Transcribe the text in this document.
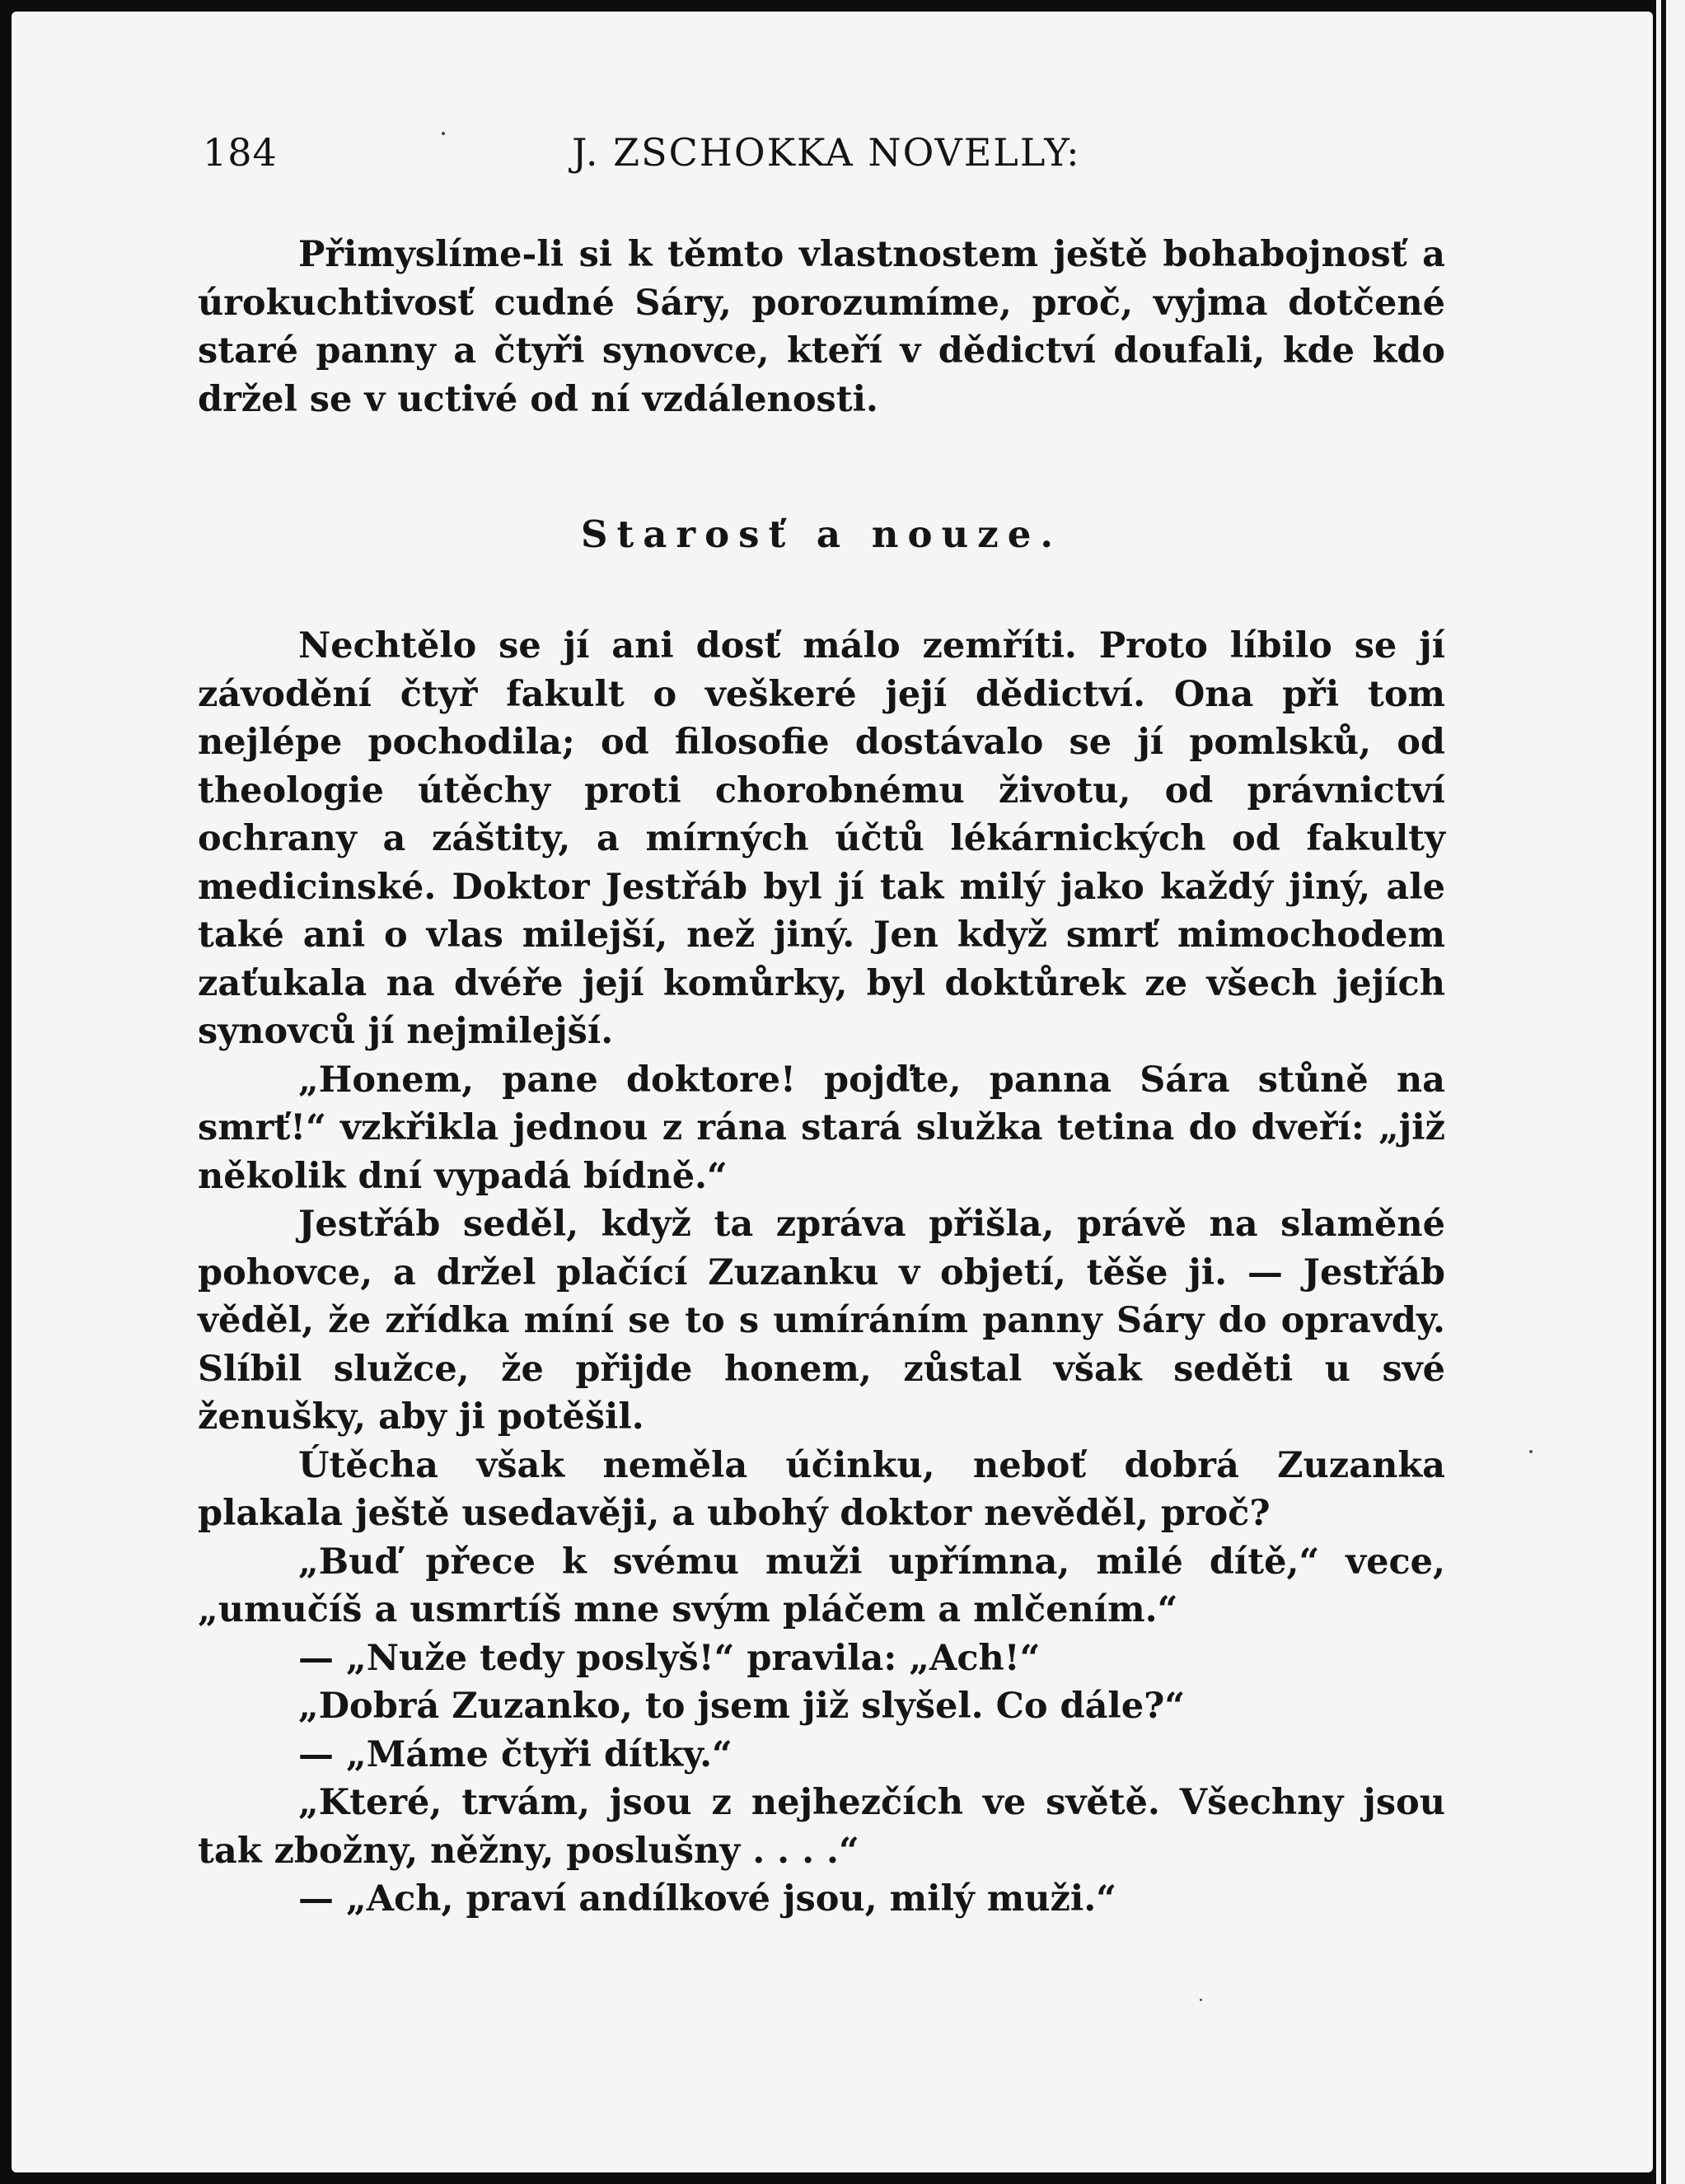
184	J. ZSCHOKKA NOVELLY:

Přimyslíme-li si k těmto vlastnostem ještě bohabojnosť a úrokuchtivosť cudné Sáry, porozumíme, proč, vyjma dotčené staré panny a čtyři synovce, kteří v dědictví doufali, kde kdo držel se v uctivé od ní vzdálenosti.

Starosť a nouze.

Nechtělo se jí ani dosť málo zemříti. Proto líbilo se jí závodění čtyř fakult o veškeré její dědictví. Ona při tom nejlépe pochodila; od filosofie dostávalo se jí pomlsků, od theologie útěchy proti chorobnému životu, od právnictví ochrany a záštity, a mírných účtů lékárnických od fakulty medicinské. Doktor Jestřáb byl jí tak milý jako každý jiný, ale také ani o vlas milejší, než jiný. Jen když smrť mimochodem zaťukala na dvéře její komůrky, byl doktůrek ze všech jejích synovců jí nejmilejší.

„Honem, pane doktore! pojďte, panna Sára stůně na smrť!“ vzkřikla jednou z rána stará služka tetina do dveří: „již několik dní vypadá bídně.“

Jestřáb seděl, když ta zpráva přišla, právě na slaměné pohovce, a držel plačící Zuzanku v objetí, těše ji. — Jestřáb věděl, že zřídka míní se to s umíráním panny Sáry do opravdy. Slíbil služce, že přijde honem, zůstal však seděti u své ženušky, aby ji potěšil.

Útěcha však neměla účinku, neboť dobrá Zuzanka plakala ještě usedavěji, a ubohý doktor nevěděl, proč?

„Buď přece k svému muži upřímna, milé dítě,“ vece, „umučíš a usmrtíš mne svým pláčem a mlčením.“

— „Nuže tedy poslyš!“ pravila: „Ach!“

„Dobrá Zuzanko, to jsem již slyšel. Co dále?“

— „Máme čtyři dítky.“

„Které, trvám, jsou z nejhezčích ve světě. Všechny jsou tak zbožny, něžny, poslušny . . . .“

— „Ach, praví andílkové jsou, milý muži.“
